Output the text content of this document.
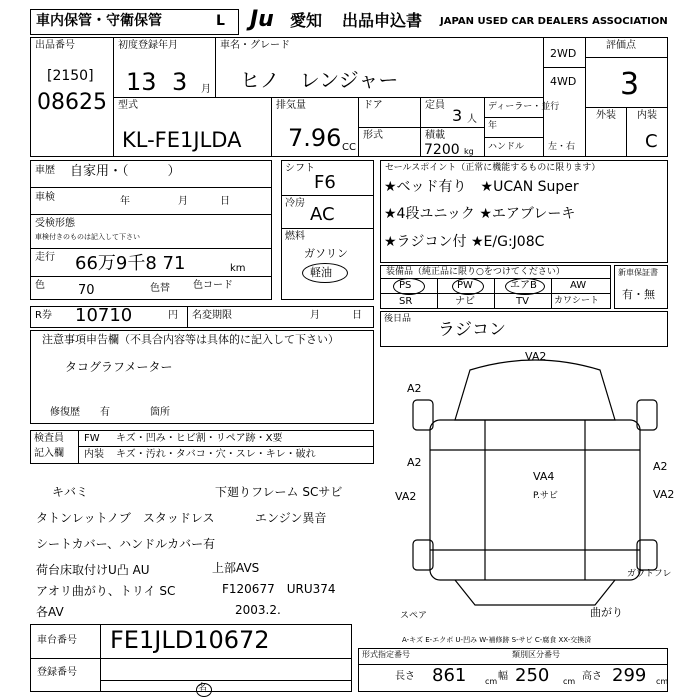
車内保管・守衛保管	L Ju 愛知 出品申込書 JAPAN USED CAR DEALERS ASSOCIATION
出品番号
[2150]
08625
初度登録年月
13 3 月
車名・グレード
ヒノ　レンジャー
2WD
4WD
評価点
3
外装 内装
C
型式
KL-FE1JLDA
排気量
7.96 CC
ドア
形式
定員
3 人
積載
7200 kg
ディーラー・並行
年
ハンドル	左・右
車歴 自家用・（　　　）
車検	年	月	日
受検形態
車検付きのものは記入して下さい
走行 66万9千8 71	km
色	70	色替 色コード
シフト
F6
冷房
AC
燃料
ガソリン
軽油
セールスポイント（正常に機能するものに限ります）
★ベッド有り　★UCAN Super
★4段ユニック ★エアブレーキ
★ラジコン付 ★E/G:J08C
装備品（純正品に限り○をつけてください）
PS	PW	エアB	AW
SR	ナビ	TV	カワシート
新車保証書
有・無
R券 10710	円 名変期限	月	日 後日品
ラジコン
注意事項申告欄（不具合内容等は具体的に記入して下さい）
タコグラフメーター
修復歴　　有	箇所
検査員
記入欄
FW キズ・凹み・ヒビ割・リペア跡・X要
内装 キズ・汚れ・タバコ・穴・スレ・キレ・破れ
キバミ	下廻りフレーム SCサビ
タトンレットノブ　スタッドレス	エンジン異音
シートカバー、ハンドルカバー有
荷台床取付けU凸 AU
アオリ曲がり、トリイ SC
各AV
上部AVS
F120677　URU374
2003.2.
車台番号 FE1JLD10672
登録番号
名
VA2
A2
A2
VA2
VA4
P.サビ
A2
VA2
ガウトフレ
スペア	曲がり
A-キズ E-エクボ U-凹み W-補修跡 S-サビ C-腐食 XX-交換済
形式指定番号	類別区分番号
長さ 861 cm 幅 250 cm 高さ 299 cm
